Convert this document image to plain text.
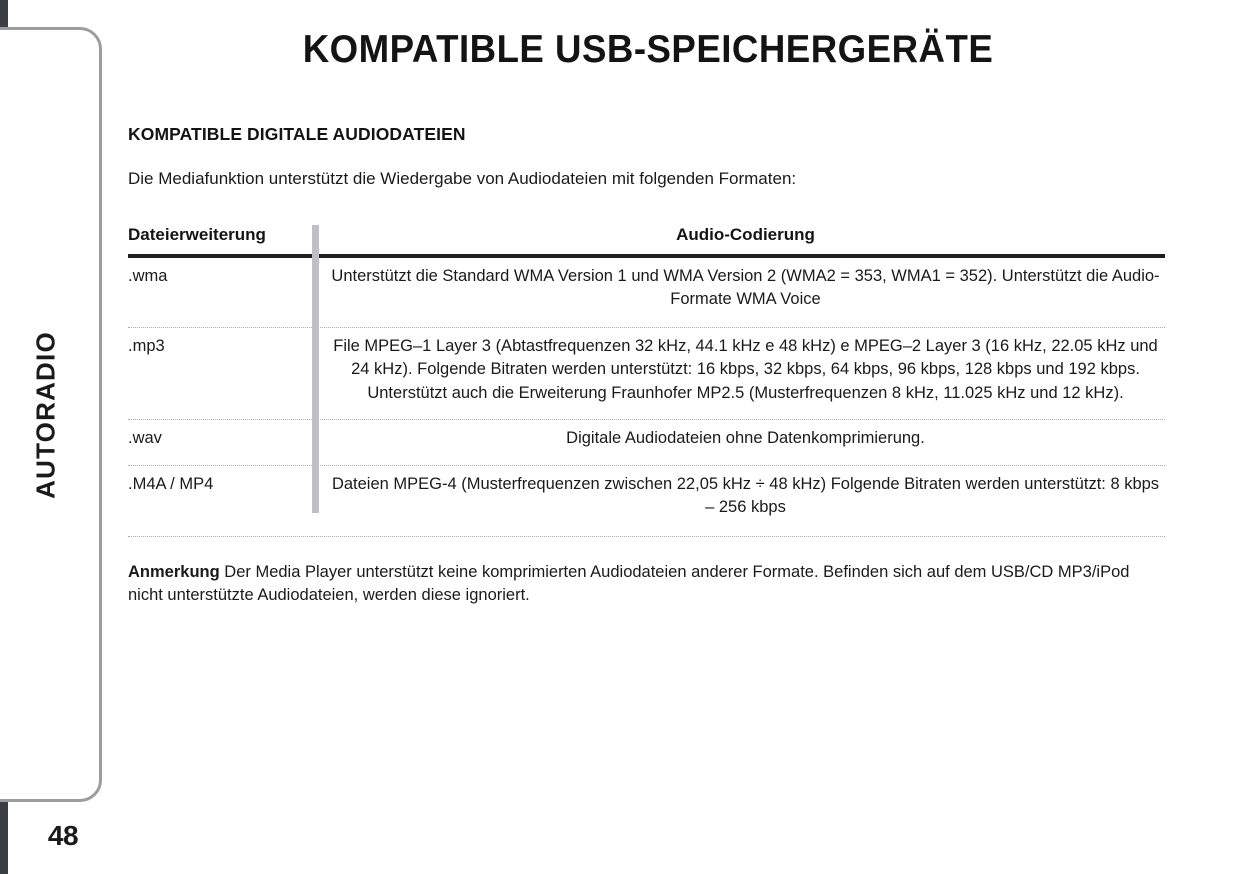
AUTORADIO
48
KOMPATIBLE USB-SPEICHERGERÄTE
KOMPATIBLE DIGITALE AUDIODATEIEN

Die Mediafunktion unterstützt die Wiedergabe von Audiodateien mit folgenden Formaten:

Dateierweiterung	Audio-Codierung
.wma	Unterstützt die Standard WMA Version 1 und WMA Version 2 (WMA2 = 353, WMA1 = 352). Unterstützt die Audio-Formate WMA Voice
.mp3	File MPEG–1 Layer 3 (Abtastfrequenzen 32 kHz, 44.1 kHz e 48 kHz) e MPEG–2 Layer 3 (16 kHz, 22.05 kHz und 24 kHz). Folgende Bitraten werden unterstützt: 16 kbps, 32 kbps, 64 kbps, 96 kbps, 128 kbps und 192 kbps. Unterstützt auch die Erweiterung Fraunhofer MP2.5 (Musterfrequenzen 8 kHz, 11.025 kHz und 12 kHz).
.wav	Digitale Audiodateien ohne Datenkomprimierung.
.M4A / MP4	Dateien MPEG-4 (Musterfrequenzen zwischen 22,05 kHz ÷ 48 kHz) Folgende Bitraten werden unterstützt: 8 kbps – 256 kbps

Anmerkung Der Media Player unterstützt keine komprimierten Audiodateien anderer Formate. Befinden sich auf dem USB/CD MP3/iPod nicht unterstützte Audiodateien, werden diese ignoriert.
